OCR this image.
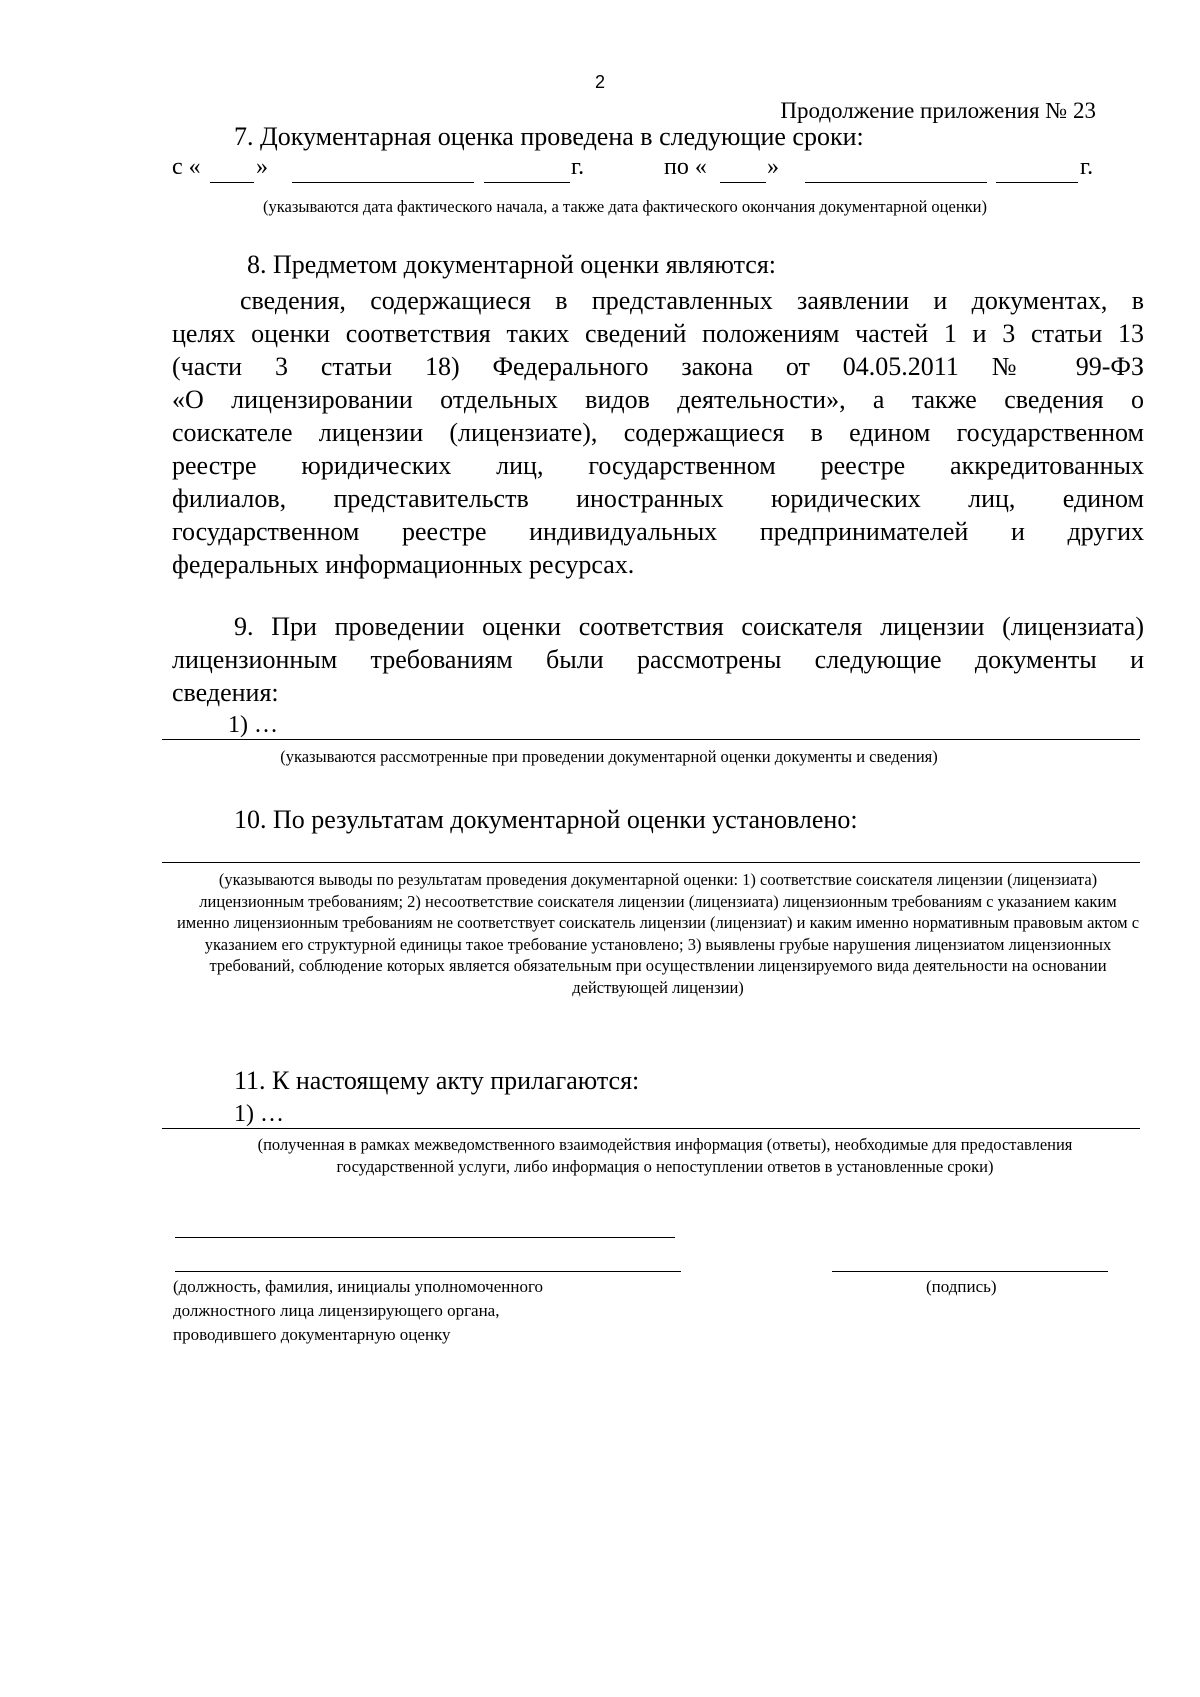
2
Продолжение приложения № 23
7. Документарная оценка проведена в следующие сроки:
с « »	г.	по «	»	г.
(указываются дата фактического начала, а также дата фактического окончания документарной оценки)
8. Предметом документарной оценки являются:
сведения, содержащиеся в представленных заявлении и документах, в
целях оценки соответствия таких сведений положениям частей 1 и 3 статьи 13
(части 3 статьи 18) Федерального закона от 04.05.2011 № 99-ФЗ
«О лицензировании отдельных видов деятельности», а также сведения о
соискателе лицензии (лицензиате), содержащиеся в едином государственном
реестре юридических лиц, государственном реестре аккредитованных
филиалов, представительств иностранных юридических лиц, едином
государственном реестре индивидуальных предпринимателей и других
федеральных информационных ресурсах.
9. При проведении оценки соответствия соискателя лицензии (лицензиата)
лицензионным требованиям были рассмотрены следующие документы и
сведения:
1) …
(указываются рассмотренные при проведении документарной оценки документы и сведения)
10. По результатам документарной оценки установлено:
(указываются выводы по результатам проведения документарной оценки: 1) соответствие соискателя лицензии (лицензиата) лицензионным требованиям; 2) несоответствие соискателя лицензии (лицензиата) лицензионным требованиям с указанием каким именно лицензионным требованиям не соответствует соискатель лицензии (лицензиат) и каким именно нормативным правовым актом с указанием его структурной единицы такое требование установлено; 3) выявлены грубые нарушения лицензиатом лицензионных требований, соблюдение которых является обязательным при осуществлении лицензируемого вида деятельности на основании действующей лицензии)
11. К настоящему акту прилагаются:
1) …
(полученная в рамках межведомственного взаимодействия информация (ответы), необходимые для предоставления государственной услуги, либо информация о непоступлении ответов в установленные сроки)
(должность, фамилия, инициалы уполномоченного
должностного лица лицензирующего органа,
проводившего документарную оценку
(подпись)
